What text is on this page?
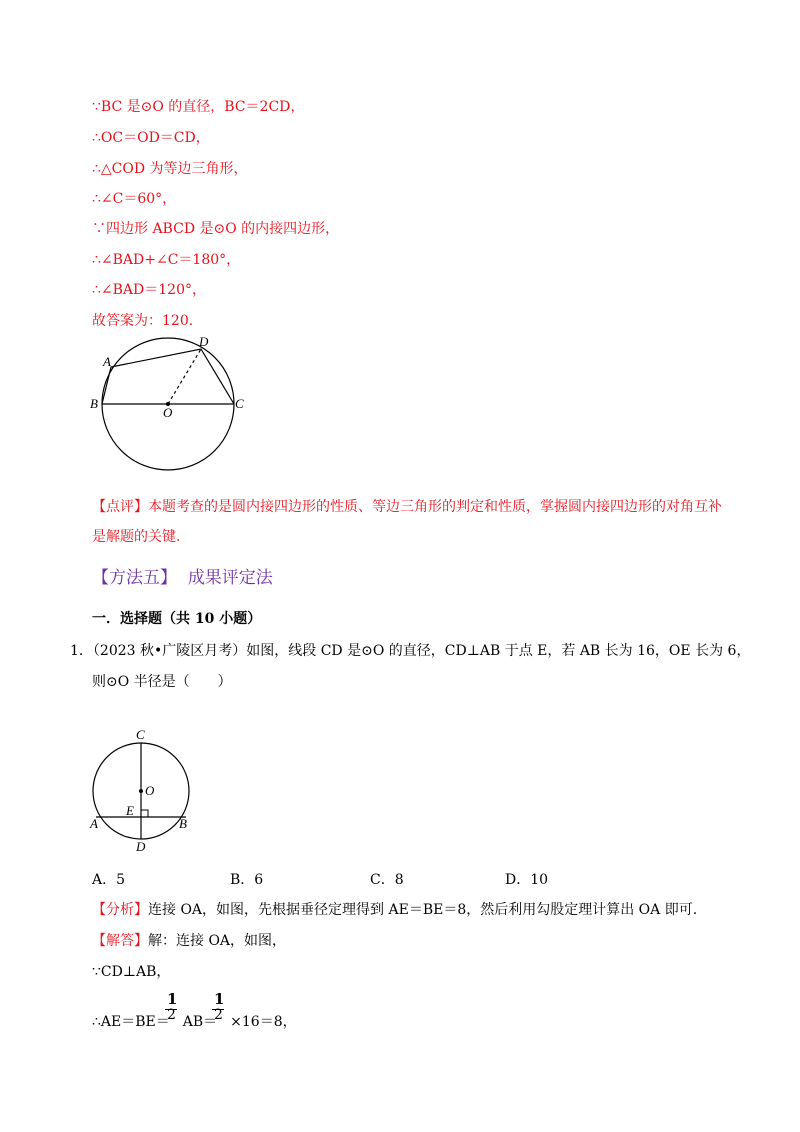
∵BC 是⊙O 的直径，BC＝2CD，
∴OC＝OD＝CD，
∴△COD 为等边三角形，
∴∠C＝60°，
∵四边形 ABCD 是⊙O 的内接四边形，
∴∠BAD+∠C＝180°，
∴∠BAD＝120°，
故答案为：120.
A
B	C
D
O
【点评】本题考查的是圆内接四边形的性质、等边三角形的判定和性质，掌握圆内接四边形的对角互补
是解题的关键.
【方法五】 成果评定法
一．选择题（共 10 小题）
1．（2023 秋•广陵区月考）如图，线段 CD 是⊙O 的直径，CD⊥AB 于点 E，若 AB 长为 16，OE 长为 6，
则⊙O 半径是（　　）
C
O
E
A	B
D
A．5	B．6	C．8	D．10
【分析】连接 OA，如图，先根据垂径定理得到 AE＝BE＝8，然后利用勾股定理计算出 OA 即可.
【解答】解：连接 OA，如图，
∵CD⊥AB，
∴AE＝BE＝ AB＝ ×16＝8，
1
2
1
2
